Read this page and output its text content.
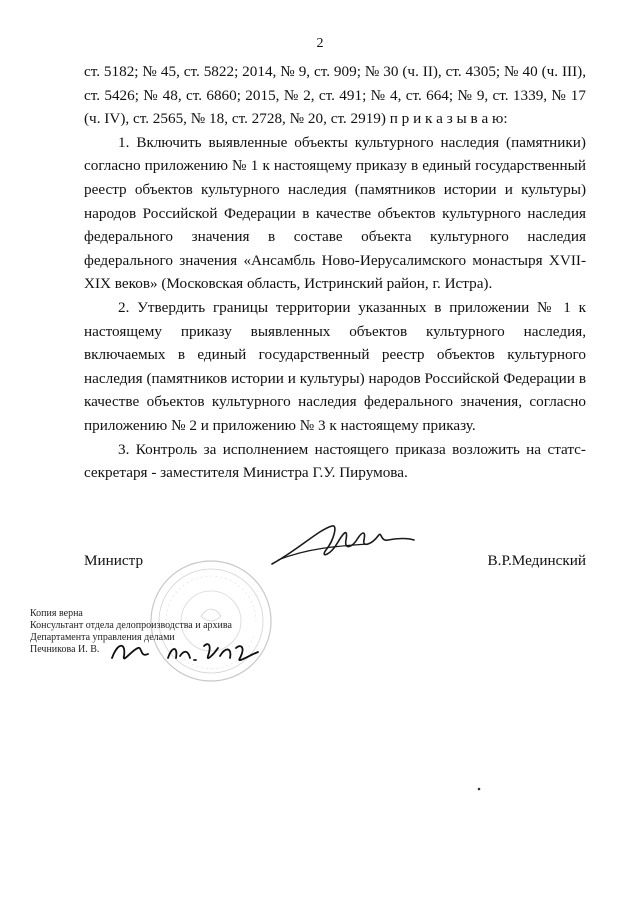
2

ст. 5182; № 45, ст. 5822; 2014, № 9, ст. 909; № 30 (ч. II), ст. 4305; № 40 (ч. III), ст. 5426; № 48, ст. 6860; 2015, № 2, ст. 491; № 4, ст. 664; № 9, ст. 1339, № 17 (ч. IV), ст. 2565, № 18, ст. 2728, № 20, ст. 2919) п р и к а з ы в а ю:

1. Включить выявленные объекты культурного наследия (памятники) согласно приложению № 1 к настоящему приказу в единый государственный реестр объектов культурного наследия (памятников истории и культуры) народов Российской Федерации в качестве объектов культурного наследия федерального значения в составе объекта культурного наследия федерального значения «Ансамбль Ново-Иерусалимского монастыря XVII-XIX веков» (Московская область, Истринский район, г. Истра).

2. Утвердить границы территории указанных в приложении № 1 к настоящему приказу выявленных объектов культурного наследия, включаемых в единый государственный реестр объектов культурного наследия (памятников истории и культуры) народов Российской Федерации в качестве объектов культурного наследия федерального значения, согласно приложению № 2 и приложению № 3 к настоящему приказу.

3. Контроль за исполнением настоящего приказа возложить на статс-секретаря - заместителя Министра Г.У. Пирумова.

Министр	В.Р.Мединский
Копия верна
Консультант отдела делопроизводства и архива
Департамента управления делами
Печникова И. В.
